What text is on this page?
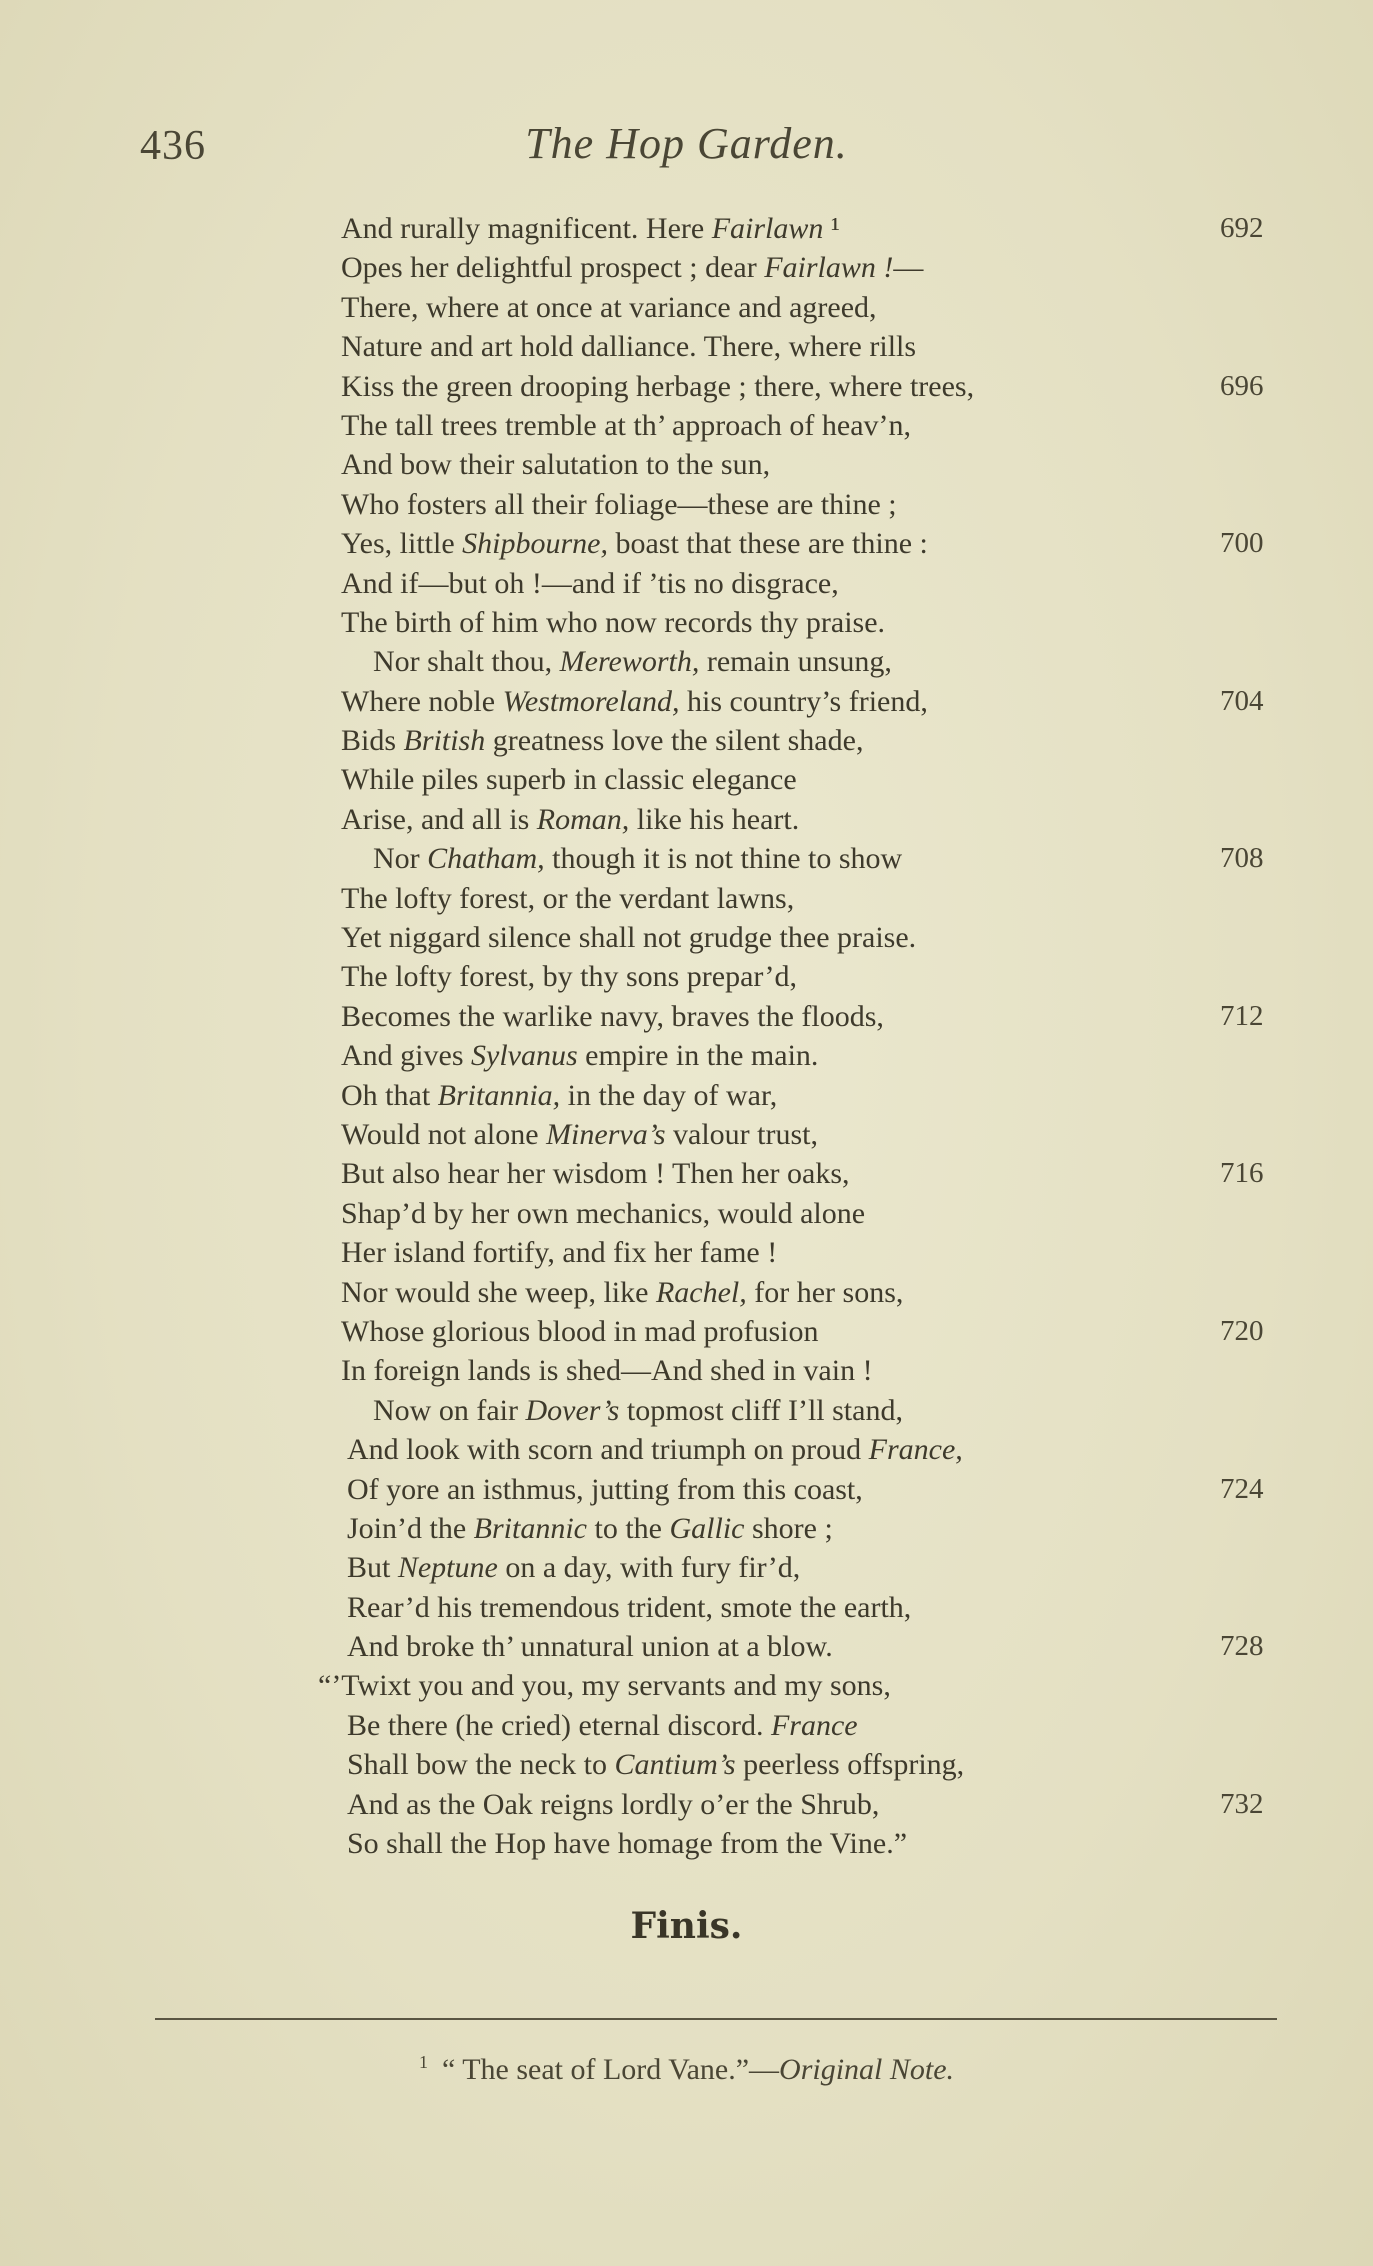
436	The Hop Garden.
And rurally magnificent. Here Fairlawn ¹	692
Opes her delightful prospect ; dear Fairlawn !—
There, where at once at variance and agreed,
Nature and art hold dalliance. There, where rills
Kiss the green drooping herbage ; there, where trees,	696
The tall trees tremble at th’ approach of heav’n,
And bow their salutation to the sun,
Who fosters all their foliage—these are thine ;
Yes, little Shipbourne, boast that these are thine :	700
And if—but oh !—and if ’tis no disgrace,
The birth of him who now records thy praise.
Nor shalt thou, Mereworth, remain unsung,
Where noble Westmoreland, his country’s friend,	704
Bids British greatness love the silent shade,
While piles superb in classic elegance
Arise, and all is Roman, like his heart.
Nor Chatham, though it is not thine to show	708
The lofty forest, or the verdant lawns,
Yet niggard silence shall not grudge thee praise.
The lofty forest, by thy sons prepar’d,
Becomes the warlike navy, braves the floods,	712
And gives Sylvanus empire in the main.
Oh that Britannia, in the day of war,
Would not alone Minerva’s valour trust,
But also hear her wisdom ! Then her oaks,	716
Shap’d by her own mechanics, would alone
Her island fortify, and fix her fame !
Nor would she weep, like Rachel, for her sons,
Whose glorious blood in mad profusion	720
In foreign lands is shed—And shed in vain !
Now on fair Dover’s topmost cliff I’ll stand,
And look with scorn and triumph on proud France,
Of yore an isthmus, jutting from this coast,	724
Join’d the Britannic to the Gallic shore ;
But Neptune on a day, with fury fir’d,
Rear’d his tremendous trident, smote the earth,
And broke th’ unnatural union at a blow.	728
“’Twixt you and you, my servants and my sons,
Be there (he cried) eternal discord. France
Shall bow the neck to Cantium’s peerless offspring,
And as the Oak reigns lordly o’er the Shrub,	732
So shall the Hop have homage from the Vine.”
Finis.
$^1$ “ The seat of Lord Vane.”—Original Note.
